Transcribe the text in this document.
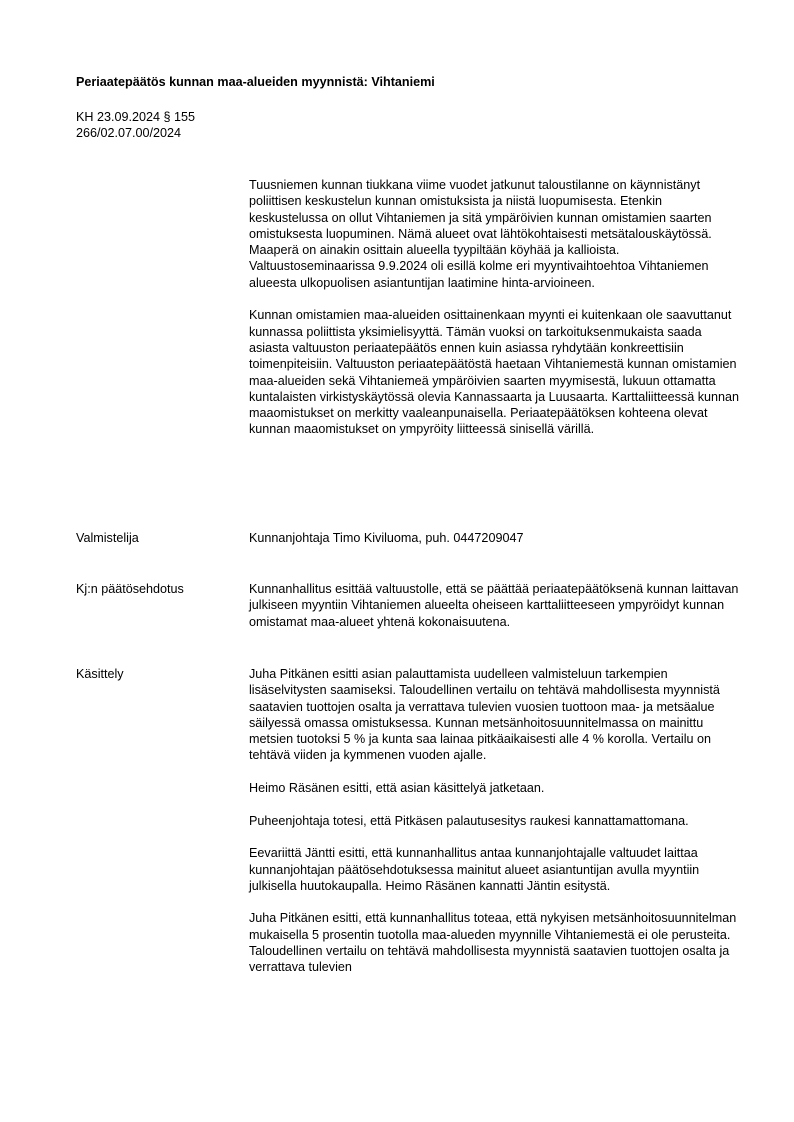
Periaatepäätös kunnan maa-alueiden myynnistä: Vihtaniemi
KH 23.09.2024 § 155
266/02.07.00/2024

Tuusniemen kunnan tiukkana viime vuodet jatkunut taloustilanne on käynnistänyt poliittisen keskustelun kunnan omistuksista ja niistä luopumisesta. Etenkin keskustelussa on ollut Vihtaniemen ja sitä ympäröivien kunnan omistamien saarten omistuksesta luopuminen. Nämä alueet ovat lähtökohtaisesti metsätalouskäytössä. Maaperä on ainakin osittain alueella tyypiltään köyhää ja kallioista. Valtuustoseminaarissa 9.9.2024 oli esillä kolme eri myyntivaihtoehtoa Vihtaniemen alueesta ulkopuolisen asiantuntijan laatimine hinta-arvioineen.

Kunnan omistamien maa-alueiden osittainenkaan myynti ei kuitenkaan ole saavuttanut kunnassa poliittista yksimielisyyttä. Tämän vuoksi on tarkoituksenmukaista saada asiasta valtuuston periaatepäätös ennen kuin asiassa ryhdytään konkreettisiin toimenpiteisiin. Valtuuston periaatepäätöstä haetaan Vihtaniemestä kunnan omistamien maa-alueiden sekä Vihtaniemeä ympäröivien saarten myymisestä, lukuun ottamatta kuntalaisten virkistyskäytössä olevia Kannassaarta ja Luusaarta. Karttaliitteessä kunnan maaomistukset on merkitty vaaleanpunaisella. Periaatepäätöksen kohteena olevat kunnan maaomistukset on ympyröity liitteessä sinisellä värillä.

Valmistelija	Kunnanjohtaja Timo Kiviluoma, puh. 0447209047

Kj:n päätösehdotus	Kunnanhallitus esittää valtuustolle, että se päättää periaatepäätöksenä kunnan laittavan julkiseen myyntiin Vihtaniemen alueelta oheiseen karttaliitteeseen ympyröidyt kunnan omistamat maa-alueet yhtenä kokonaisuutena.

Käsittely	Juha Pitkänen esitti asian palauttamista uudelleen valmisteluun tarkempien lisäselvitysten saamiseksi. Taloudellinen vertailu on tehtävä mahdollisesta myynnistä saatavien tuottojen osalta ja verrattava tulevien vuosien tuottoon maa- ja metsäalue säilyessä omassa omistuksessa. Kunnan metsänhoitosuunnitelmassa on mainittu metsien tuotoksi 5 % ja kunta saa lainaa pitkäaikaisesti alle 4 % korolla. Vertailu on tehtävä viiden ja kymmenen vuoden ajalle.

Heimo Räsänen esitti, että asian käsittelyä jatketaan.

Puheenjohtaja totesi, että Pitkäsen palautusesitys raukesi kannattamattomana.

Eevariittä Jäntti esitti, että kunnanhallitus antaa kunnanjohtajalle valtuudet laittaa kunnanjohtajan päätösehdotuksessa mainitut alueet asiantuntijan avulla myyntiin julkisella huutokaupalla. Heimo Räsänen kannatti Jäntin esitystä.

Juha Pitkänen esitti, että kunnanhallitus toteaa, että nykyisen metsänhoitosuunnitelman mukaisella 5 prosentin tuotolla maa-alueden myynnille Vihtaniemestä ei ole perusteita. Taloudellinen vertailu on tehtävä mahdollisesta myynnistä saatavien tuottojen osalta ja verrattava tulevien
